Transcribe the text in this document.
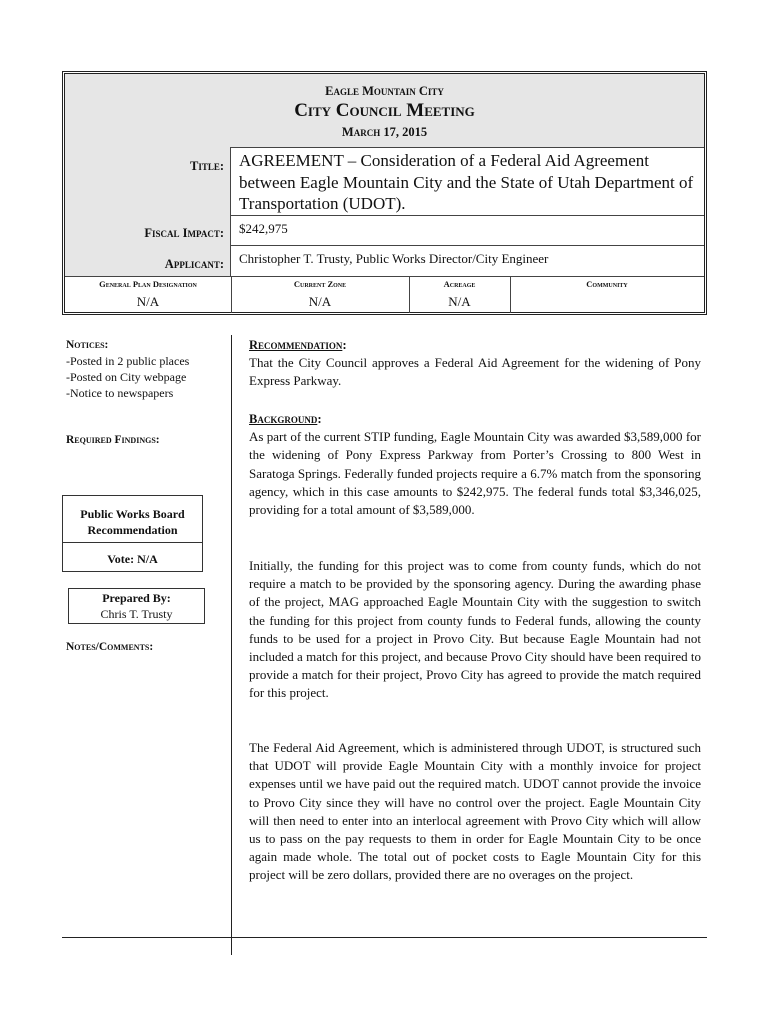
Eagle Mountain City
City Council Meeting
March 17, 2015
Title: AGREEMENT – Consideration of a Federal Aid Agreement between Eagle Mountain City and the State of Utah Department of Transportation (UDOT).
Fiscal Impact: $242,975
Applicant: Christopher T. Trusty, Public Works Director/City Engineer
General Plan Designation
N/A
Current Zone
N/A
Acreage
N/A
Community
Notices:
-Posted in 2 public places
-Posted on City webpage
-Notice to newspapers
Required Findings:
Public Works Board
Recommendation
Vote: N/A
Prepared By:
Chris T. Trusty
Notes/Comments:
Recommendation:

That the City Council approves a Federal Aid Agreement for the widening of Pony Express Parkway.

Background:

As part of the current STIP funding, Eagle Mountain City was awarded $3,589,000 for the widening of Pony Express Parkway from Porter’s Crossing to 800 West in Saratoga Springs. Federally funded projects require a 6.7% match from the sponsoring agency, which in this case amounts to $242,975. The federal funds total $3,346,025, providing for a total amount of $3,589,000.

Initially, the funding for this project was to come from county funds, which do not require a match to be provided by the sponsoring agency. During the awarding phase of the project, MAG approached Eagle Mountain City with the suggestion to switch the funding for this project from county funds to Federal funds, allowing the county funds to be used for a project in Provo City. But because Eagle Mountain had not included a match for this project, and because Provo City should have been required to provide a match for their project, Provo City has agreed to provide the match required for this project.

The Federal Aid Agreement, which is administered through UDOT, is structured such that UDOT will provide Eagle Mountain City with a monthly invoice for project expenses until we have paid out the required match. UDOT cannot provide the invoice to Provo City since they will have no control over the project. Eagle Mountain City will then need to enter into an interlocal agreement with Provo City which will allow us to pass on the pay requests to them in order for Eagle Mountain City to be once again made whole. The total out of pocket costs to Eagle Mountain City for this project will be zero dollars, provided there are no overages on the project.
